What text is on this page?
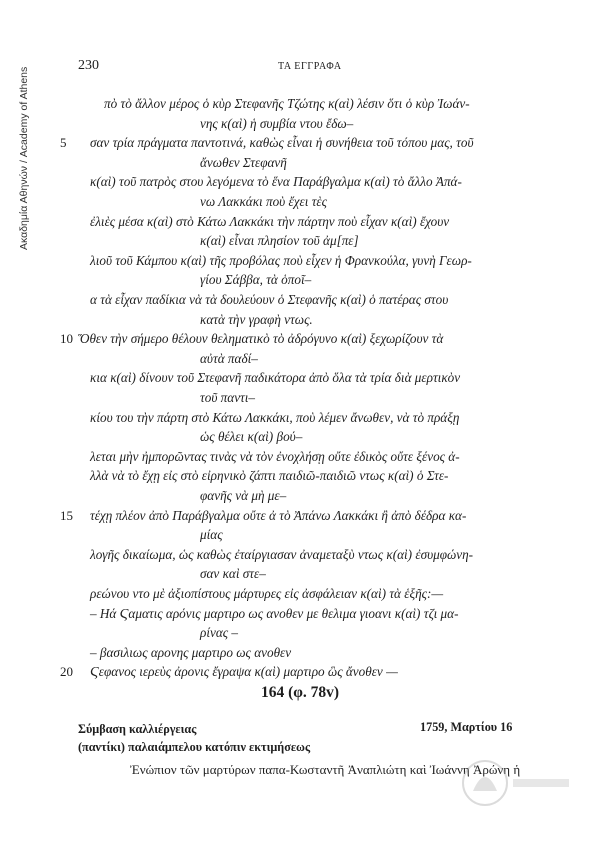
Ακαδημία Αθηνών / Academy of Athens
230	ΤΑ ΕΓΓΡΑΦΑ
πὸ τὸ ἄλλον μέρος ὁ κὺρ Στεφανῆς Τζώτης κ(αὶ) λέσιν ὅτι ὁ κὺρ Ἰωάν-
νης κ(αὶ) ἡ συμβία ντου ἔδω–
5 σαν τρία πράγματα παντοτινά, καθὼς εἶναι ἡ συνήθεια τοῦ τόπου μας, τοῦ
ἄνωθεν Στεφανῆ
κ(αὶ) τοῦ πατρὸς στου λεγόμενα τὸ ἕνα Παράβγαλμα κ(αὶ) τὸ ἄλλο Ἀπά-
νω Λακκάκι ποὺ ἔχει τὲς
ἐλιὲς μέσα κ(αὶ) στὸ Κάτω Λακκάκι τὴν πάρτην ποὺ εἶχαν κ(αὶ) ἔχουν
κ(αὶ) εἶναι πλησίον τοῦ ἀμ[πε]
λιοῦ τοῦ Κάμπου κ(αὶ) τῆς προβόλας ποὺ εἶχεν ἡ Φρανκούλα, γυνὴ Γεωρ-
γίου Σάββα, τὰ ὁποῖ–
α τὰ εἶχαν παδίκια νὰ τὰ δουλεύουν ὁ Στεφανῆς κ(αὶ) ὁ πατέρας στου
κατὰ τὴν γραφὴ ντως.
10 Ὅθεν τὴν σήμερο θέλουν θεληματικὸ τὸ ἀδρόγυνο κ(αὶ) ξεχωρίζουν τὰ
αὐτὰ παδί–
κια κ(αὶ) δίνουν τοῦ Στεφανῆ παδικάτορα ἀπὸ ὅλα τὰ τρία διὰ μερτικὸν
τοῦ παντι–
κίου του τὴν πάρτη στὸ Κάτω Λακκάκι, ποὺ λέμεν ἄνωθεν, νὰ τὸ πράξῃ
ὡς θέλει κ(αὶ) βού–
λεται μὴν ἠμπορῶντας τινὰς νὰ τὸν ἐνοχλήσῃ οὔτε ἐδικὸς οὔτε ξένος ἀ-
λλὰ νὰ τὸ ἔχῃ εἰς στὸ εἰρηνικὸ ζάπτι παιδιῶ-παιδιῶ ντως κ(αὶ) ὁ Στε-
φανῆς νὰ μὴ με–
15 τέχῃ πλέον ἀπὸ Παράβγαλμα οὔτε ἀ τὸ Ἀπάνω Λακκάκι ἢ ἀπὸ δέδρα κα-
μίας
λογῆς δικαίωμα, ὡς καθὼς ἐταίργιασαν ἀναμεταξὺ ντως κ(αὶ) ἐσυμφώνη-
σαν καὶ στε–
ρεώνου ντο μὲ ἀξιοπίστους μάρτυρες εἰς ἀσφάλειαν κ(αὶ) τὰ ἑξῆς:—
– Ηά Ϛαματις αρόνις μαρτιρο ως ανοθεν με θελιμα γιοανι κ(αὶ) τζι μα-
ρίνας –
– βασιλιως αρονης μαρτιρο ως ανοθεν
20 Ϛεφανος ιερεὺς ἀρονις ἔγραψα κ(αὶ) μαρτιρο ὣς ἄνοθεν —
164 (φ. 78v)
Σύμβαση καλλιέργειας
(παντίκι) παλαιάμπελου κατόπιν εκτιμήσεως
1759, Μαρτίου 16
Ἐνώπιον τῶν μαρτύρων παπα-Κωσταντῆ Ἀναπλιώτη καὶ Ἰωάννη Ἀρώνη ἡ
